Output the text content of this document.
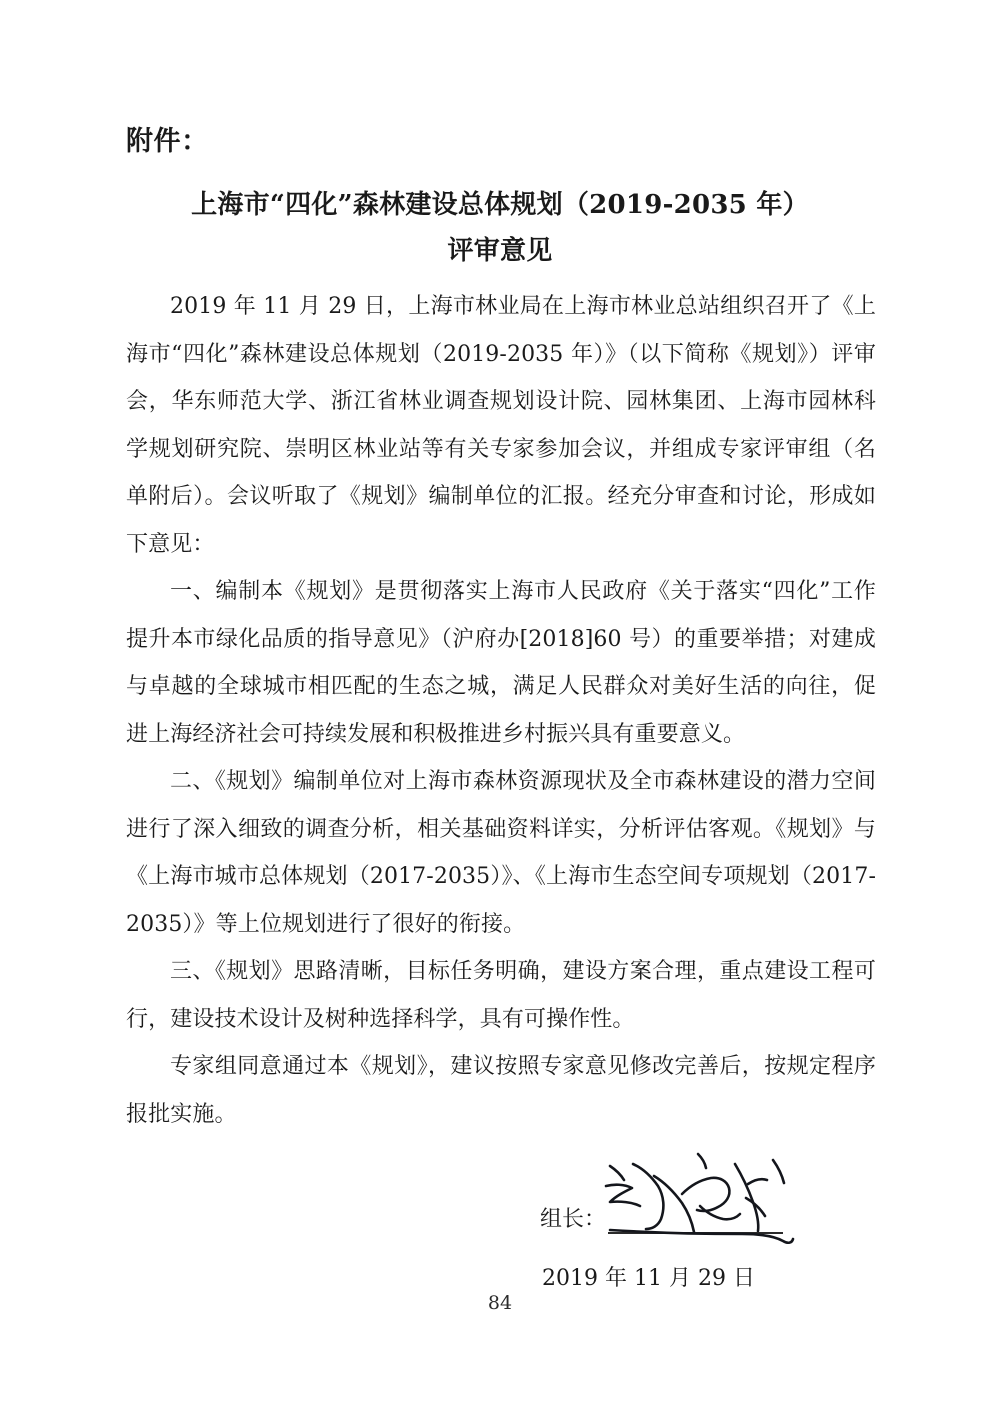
附件：
上海市“四化”森林建设总体规划（2019-2035 年）
评审意见

2019 年 11 月 29 日，上海市林业局在上海市林业总站组织召开了《上海市“四化”森林建设总体规划（2019-2035 年）》（以下简称《规划》）评审会，华东师范大学、浙江省林业调查规划设计院、园林集团、上海市园林科学规划研究院、崇明区林业站等有关专家参加会议，并组成专家评审组（名单附后）。会议听取了《规划》编制单位的汇报。经充分审查和讨论，形成如下意见：

一、编制本《规划》是贯彻落实上海市人民政府《关于落实“四化”工作提升本市绿化品质的指导意见》（沪府办[2018]60 号）的重要举措；对建成与卓越的全球城市相匹配的生态之城，满足人民群众对美好生活的向往，促进上海经济社会可持续发展和积极推进乡村振兴具有重要意义。

二、《规划》编制单位对上海市森林资源现状及全市森林建设的潜力空间进行了深入细致的调查分析，相关基础资料详实，分析评估客观。《规划》与《上海市城市总体规划（2017-2035）》、《上海市生态空间专项规划（2017-2035）》等上位规划进行了很好的衔接。

三、《规划》思路清晰，目标任务明确，建设方案合理，重点建设工程可行，建设技术设计及树种选择科学，具有可操作性。

专家组同意通过本《规划》，建议按照专家意见修改完善后，按规定程序报批实施。

组长：
2019 年 11 月 29 日
84
